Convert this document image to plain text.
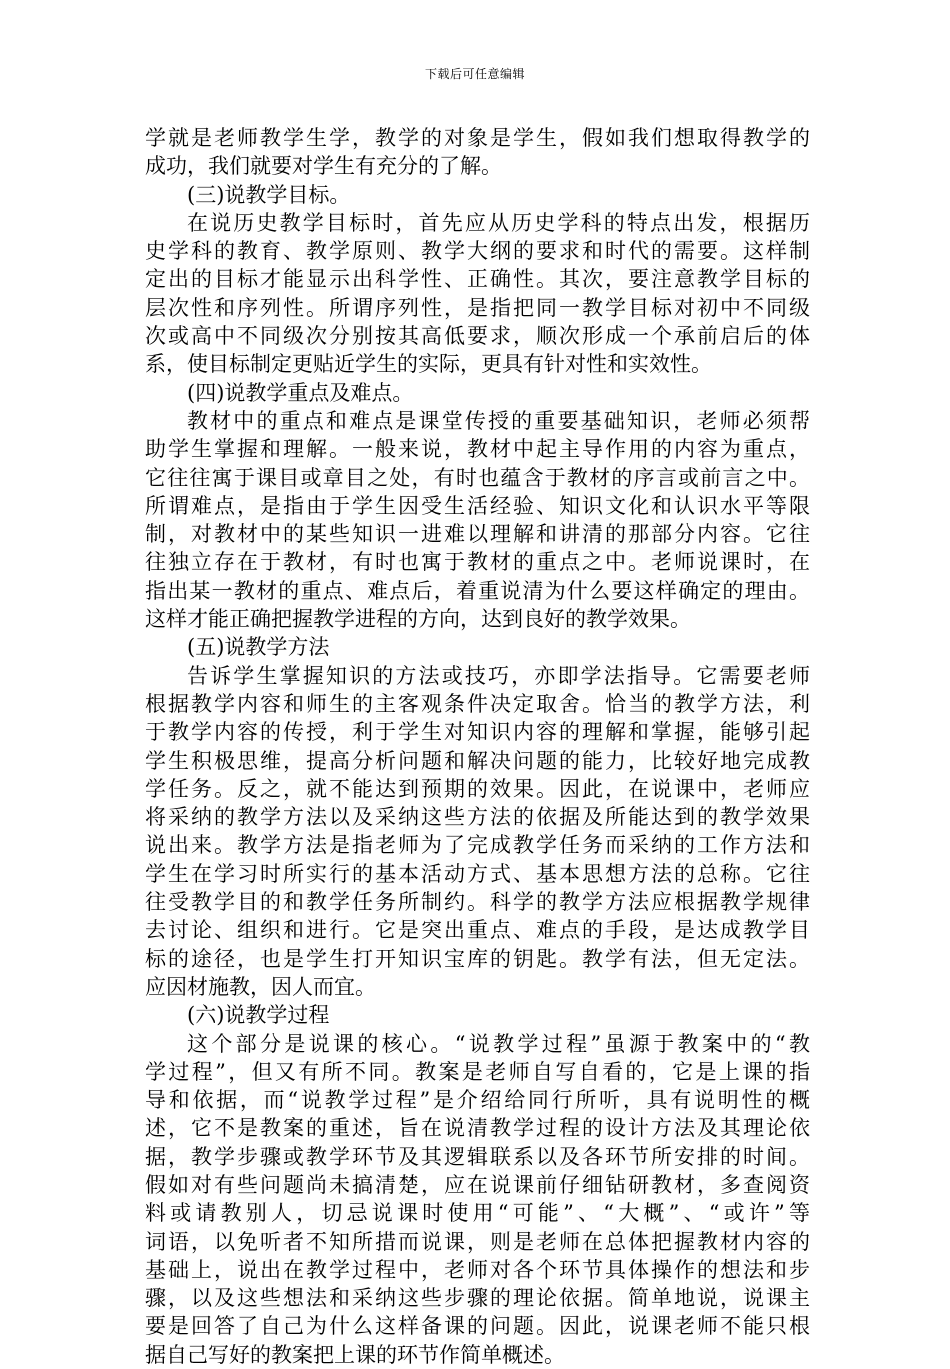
下载后可任意编辑
学就是老师教学生学，教学的对象是学生，假如我们想取得教学的
成功，我们就要对学生有充分的了解。
(三)说教学目标。
在说历史教学目标时，首先应从历史学科的特点出发，根据历
史学科的教育、教学原则、教学大纲的要求和时代的需要。这样制
定出的目标才能显示出科学性、正确性。其次，要注意教学目标的
层次性和序列性。所谓序列性，是指把同一教学目标对初中不同级
次或高中不同级次分别按其高低要求，顺次形成一个承前启后的体
系，使目标制定更贴近学生的实际，更具有针对性和实效性。
(四)说教学重点及难点。
教材中的重点和难点是课堂传授的重要基础知识，老师必须帮
助学生掌握和理解。一般来说，教材中起主导作用的内容为重点，
它往往寓于课目或章目之处，有时也蕴含于教材的序言或前言之中。
所谓难点，是指由于学生因受生活经验、知识文化和认识水平等限
制，对教材中的某些知识一进难以理解和讲清的那部分内容。它往
往独立存在于教材，有时也寓于教材的重点之中。老师说课时，在
指出某一教材的重点、难点后，着重说清为什么要这样确定的理由。
这样才能正确把握教学进程的方向，达到良好的教学效果。
(五)说教学方法
告诉学生掌握知识的方法或技巧，亦即学法指导。它需要老师
根据教学内容和师生的主客观条件决定取舍。恰当的教学方法，利
于教学内容的传授，利于学生对知识内容的理解和掌握，能够引起
学生积极思维，提高分析问题和解决问题的能力，比较好地完成教
学任务。反之，就不能达到预期的效果。因此，在说课中，老师应
将采纳的教学方法以及采纳这些方法的依据及所能达到的教学效果
说出来。教学方法是指老师为了完成教学任务而采纳的工作方法和
学生在学习时所实行的基本活动方式、基本思想方法的总称。它往
往受教学目的和教学任务所制约。科学的教学方法应根据教学规律
去讨论、组织和进行。它是突出重点、难点的手段，是达成教学目
标的途径，也是学生打开知识宝库的钥匙。教学有法，但无定法。
应因材施教，因人而宜。
(六)说教学过程
这个部分是说课的核心。“说教学过程”虽源于教案中的“教
学过程”，但又有所不同。教案是老师自写自看的，它是上课的指
导和依据，而“说教学过程”是介绍给同行所听，具有说明性的概
述，它不是教案的重述，旨在说清教学过程的设计方法及其理论依
据，教学步骤或教学环节及其逻辑联系以及各环节所安排的时间。
假如对有些问题尚未搞清楚，应在说课前仔细钻研教材，多查阅资
料或请教别人，切忌说课时使用“可能”、“大概”、“或许”等
词语，以免听者不知所措而说课，则是老师在总体把握教材内容的
基础上，说出在教学过程中，老师对各个环节具体操作的想法和步
骤，以及这些想法和采纳这些步骤的理论依据。简单地说，说课主
要是回答了自己为什么这样备课的问题。因此，说课老师不能只根
据自己写好的教案把上课的环节作简单概述。
